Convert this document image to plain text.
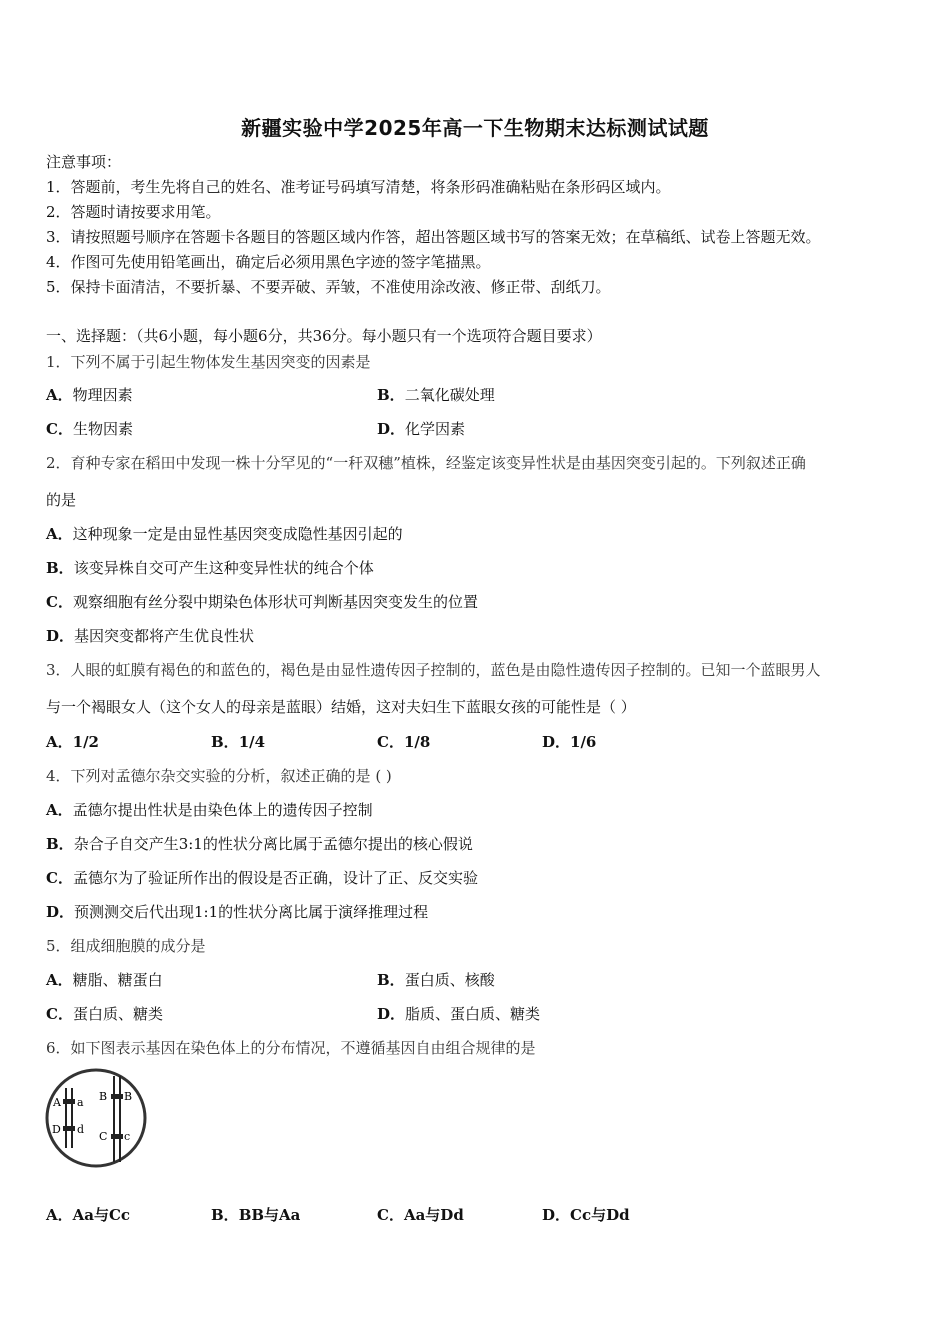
新疆实验中学2025年高一下生物期末达标测试试题
注意事项：
1．答题前，考生先将自己的姓名、准考证号码填写清楚，将条形码准确粘贴在条形码区域内。
2．答题时请按要求用笔。
3．请按照题号顺序在答题卡各题目的答题区域内作答，超出答题区域书写的答案无效；在草稿纸、试卷上答题无效。
4．作图可先使用铅笔画出，确定后必须用黑色字迹的签字笔描黑。
5．保持卡面清洁，不要折暴、不要弄破、弄皱，不准使用涂改液、修正带、刮纸刀。
一、选择题：（共6小题，每小题6分，共36分。每小题只有一个选项符合题目要求）
1．下列不属于引起生物体发生基因突变的因素是
A．物理因素	B．二氧化碳处理
C．生物因素	D．化学因素
2．育种专家在稻田中发现一株十分罕见的“一秆双穗”植株，经鉴定该变异性状是由基因突变引起的。下列叙述正确
的是
A．这种现象一定是由显性基因突变成隐性基因引起的
B．该变异株自交可产生这种变异性状的纯合个体
C．观察细胞有丝分裂中期染色体形状可判断基因突变发生的位置
D．基因突变都将产生优良性状
3．人眼的虹膜有褐色的和蓝色的，褐色是由显性遗传因子控制的，蓝色是由隐性遗传因子控制的。已知一个蓝眼男人
与一个褐眼女人（这个女人的母亲是蓝眼）结婚，这对夫妇生下蓝眼女孩的可能性是（ ）
A．1/2	B．1/4	C．1/8	D．1/6
4．下列对孟德尔杂交实验的分析，叙述正确的是 ( )
A．孟德尔提出性状是由染色体上的遗传因子控制
B．杂合子自交产生3:1的性状分离比属于孟德尔提出的核心假说
C．孟德尔为了验证所作出的假设是否正确，设计了正、反交实验
D．预测测交后代出现1:1的性状分离比属于演绎推理过程
5．组成细胞膜的成分是
A．糖脂、糖蛋白	B．蛋白质、核酸
C．蛋白质、糖类	D．脂质、蛋白质、糖类
6．如下图表示基因在染色体上的分布情况，不遵循基因自由组合规律的是
A a
D d
B B
C c
A．Aa与Cc	B．BB与Aa	C．Aa与Dd	D．Cc与Dd
